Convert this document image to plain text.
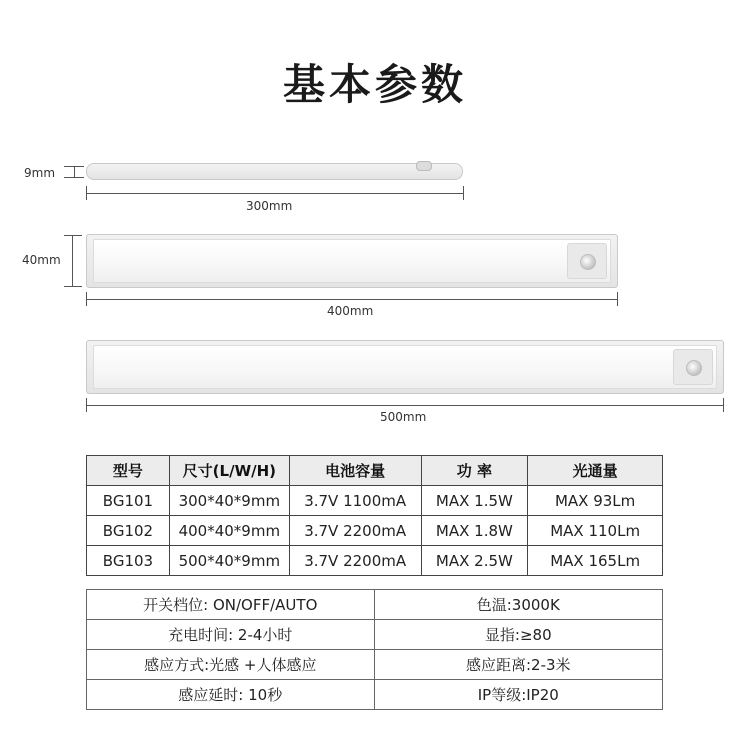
基本参数
9mm
300mm
40mm
400mm
500mm
型号	尺寸(L/W/H)	电池容量	功 率	光通量
BG101	300*40*9mm	3.7V 1100mA	MAX 1.5W	MAX 93Lm
BG102	400*40*9mm	3.7V 2200mA	MAX 1.8W	MAX 110Lm
BG103	500*40*9mm	3.7V 2200mA	MAX 2.5W	MAX 165Lm
开关档位: ON/OFF/AUTO	色温:3000K
充电时间: 2-4小时	显指:≥80
感应方式:光感 +人体感应	感应距离:2-3米
感应延时: 10秒	IP等级:IP20
